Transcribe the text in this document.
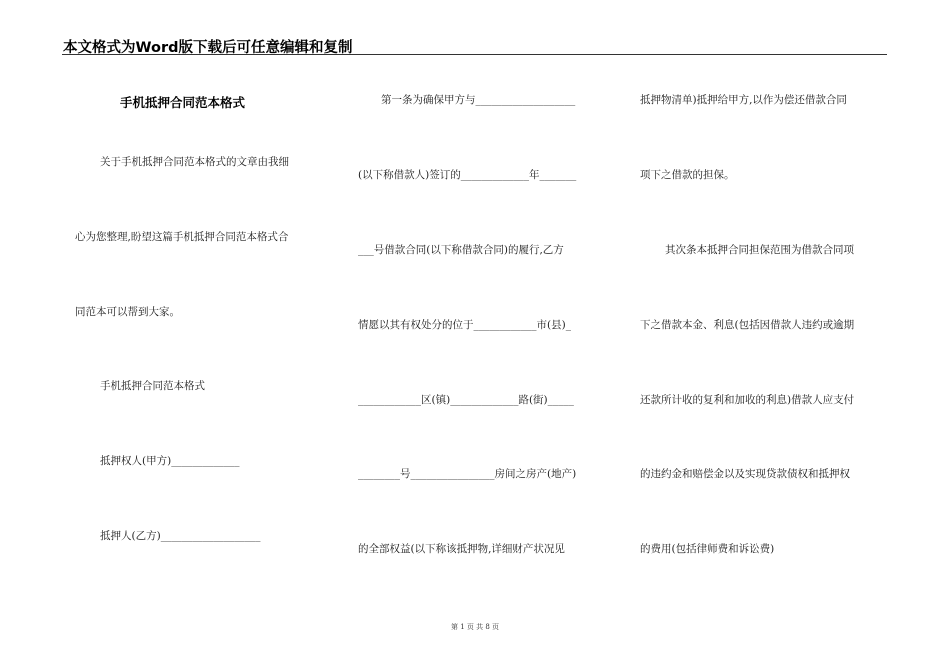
本文格式为Word版下载后可任意编辑和复制
手机抵押合同范本格式
关于手机抵押合同范本格式的文章由我细
心为您整理,盼望这篇手机抵押合同范本格式合
同范本可以帮到大家。
手机抵押合同范本格式
抵押权人(甲方)_____________
抵押人(乙方)___________________
第一条为确保甲方与___________________
(以下称借款人)签订的_____________年_______
___号借款合同(以下称借款合同)的履行,乙方
情愿以其有权处分的位于____________市(县)_
____________区(镇)_____________路(街)_____
________号________________房间之房产(地产)
的全部权益(以下称该抵押物,详细财产状况见
抵押物清单)抵押给甲方,以作为偿还借款合同
项下之借款的担保。
其次条本抵押合同担保范围为借款合同项
下之借款本金、利息(包括因借款人违约或逾期
还款所计收的复利和加收的利息)借款人应支付
的违约金和赔偿金以及实现贷款债权和抵押权
的费用(包括律师费和诉讼费)
第 1 页 共 8 页
